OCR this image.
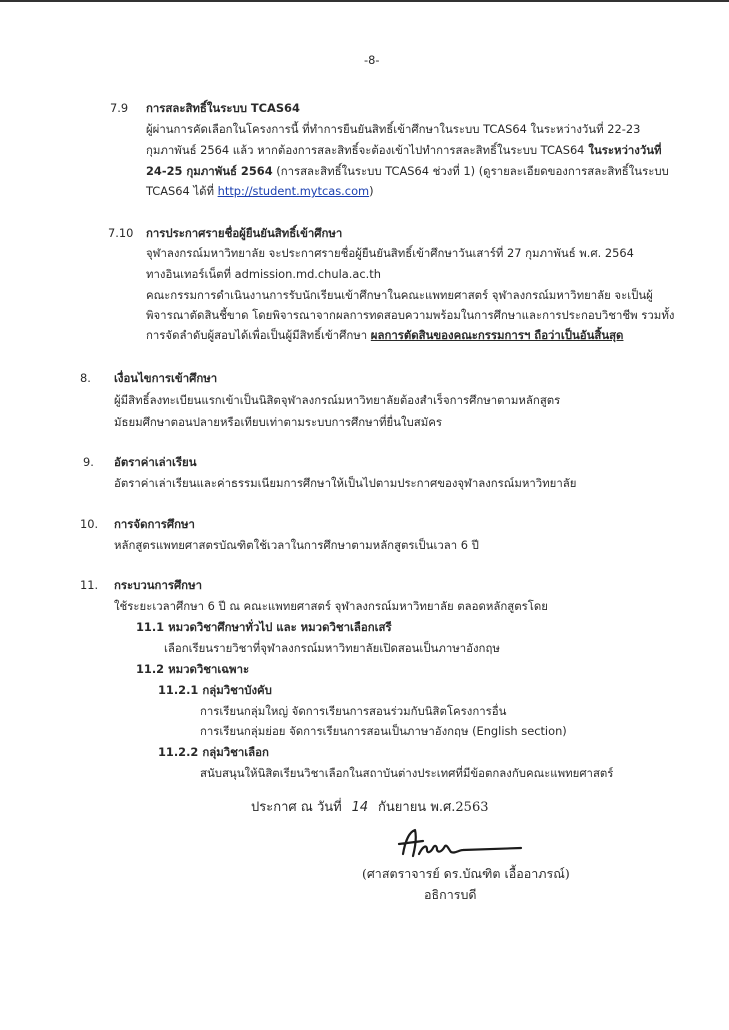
-8-
7.9 การสละสิทธิ์ในระบบ TCAS64
ผู้ผ่านการคัดเลือกในโครงการนี้ ที่ทำการยืนยันสิทธิ์เข้าศึกษาในระบบ TCAS64 ในระหว่างวันที่ 22-23
กุมภาพันธ์ 2564 แล้ว หากต้องการสละสิทธิ์จะต้องเข้าไปทำการสละสิทธิ์ในระบบ TCAS64 ในระหว่างวันที่
24-25 กุมภาพันธ์ 2564 (การสละสิทธิ์ในระบบ TCAS64 ช่วงที่ 1) (ดูรายละเอียดของการสละสิทธิ์ในระบบ
TCAS64 ได้ที่ http://student.mytcas.com)
7.10 การประกาศรายชื่อผู้ยืนยันสิทธิ์เข้าศึกษา
จุฬาลงกรณ์มหาวิทยาลัย จะประกาศรายชื่อผู้ยืนยันสิทธิ์เข้าศึกษาวันเสาร์ที่ 27 กุมภาพันธ์ พ.ศ. 2564
ทางอินเทอร์เน็ตที่ admission.md.chula.ac.th
คณะกรรมการดำเนินงานการรับนักเรียนเข้าศึกษาในคณะแพทยศาสตร์ จุฬาลงกรณ์มหาวิทยาลัย จะเป็นผู้
พิจารณาตัดสินชี้ขาด โดยพิจารณาจากผลการทดสอบความพร้อมในการศึกษาและการประกอบวิชาชีพ รวมทั้ง
การจัดลำดับผู้สอบได้เพื่อเป็นผู้มีสิทธิ์เข้าศึกษา ผลการตัดสินของคณะกรรมการฯ ถือว่าเป็นอันสิ้นสุด
8. เงื่อนไขการเข้าศึกษา
ผู้มีสิทธิ์ลงทะเบียนแรกเข้าเป็นนิสิตจุฬาลงกรณ์มหาวิทยาลัยต้องสำเร็จการศึกษาตามหลักสูตร
มัธยมศึกษาตอนปลายหรือเทียบเท่าตามระบบการศึกษาที่ยื่นใบสมัคร
9. อัตราค่าเล่าเรียน
อัตราค่าเล่าเรียนและค่าธรรมเนียมการศึกษาให้เป็นไปตามประกาศของจุฬาลงกรณ์มหาวิทยาลัย
10. การจัดการศึกษา
หลักสูตรแพทยศาสตรบัณฑิตใช้เวลาในการศึกษาตามหลักสูตรเป็นเวลา 6 ปี
11. กระบวนการศึกษา
ใช้ระยะเวลาศึกษา 6 ปี ณ คณะแพทยศาสตร์ จุฬาลงกรณ์มหาวิทยาลัย ตลอดหลักสูตรโดย
11.1 หมวดวิชาศึกษาทั่วไป และ หมวดวิชาเลือกเสรี
เลือกเรียนรายวิชาที่จุฬาลงกรณ์มหาวิทยาลัยเปิดสอนเป็นภาษาอังกฤษ
11.2 หมวดวิชาเฉพาะ
11.2.1 กลุ่มวิชาบังคับ
การเรียนกลุ่มใหญ่ จัดการเรียนการสอนร่วมกับนิสิตโครงการอื่น
การเรียนกลุ่มย่อย จัดการเรียนการสอนเป็นภาษาอังกฤษ (English section)
11.2.2 กลุ่มวิชาเลือก
สนับสนุนให้นิสิตเรียนวิชาเลือกในสถาบันต่างประเทศที่มีข้อตกลงกับคณะแพทยศาสตร์
ประกาศ ณ วันที่ 14 กันยายน พ.ศ.2563
(ศาสตราจารย์ ดร.บัณฑิต เอื้ออาภรณ์)
อธิการบดี
